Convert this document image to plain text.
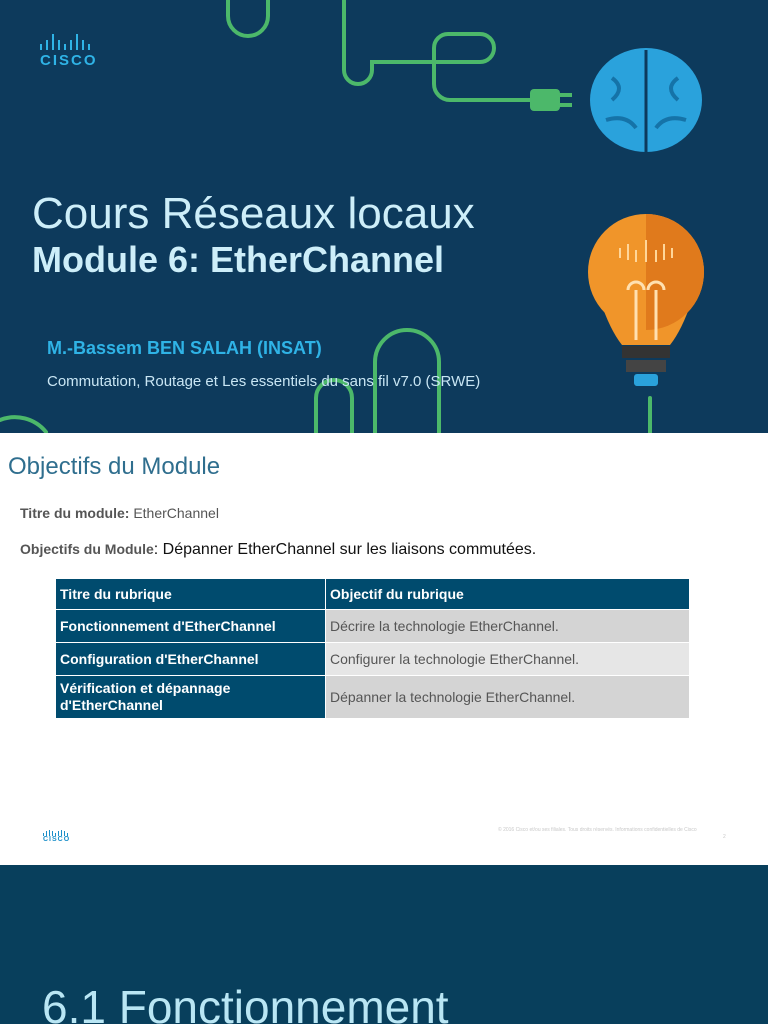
CISCO
Cours Réseaux locaux
Module 6: EtherChannel

M.-Bassem BEN SALAH (INSAT)

Commutation, Routage et Les essentiels du sans fil v7.0 (SRWE)

Objectifs du Module

Titre du module: EtherChannel

Objectifs du Module: Dépanner EtherChannel sur les liaisons commutées.

Titre du rubrique	Objectif du rubrique
Fonctionnement d'EtherChannel	Décrire la technologie EtherChannel.
Configuration d'EtherChannel	Configurer la technologie EtherChannel.
Vérification et dépannage d'EtherChannel	Dépanner la technologie EtherChannel.
CISCO

© 2016 Cisco et/ou ses filiales. Tous droits réservés. Informations confidentielles de Cisco

2

6.1 Fonctionnement
